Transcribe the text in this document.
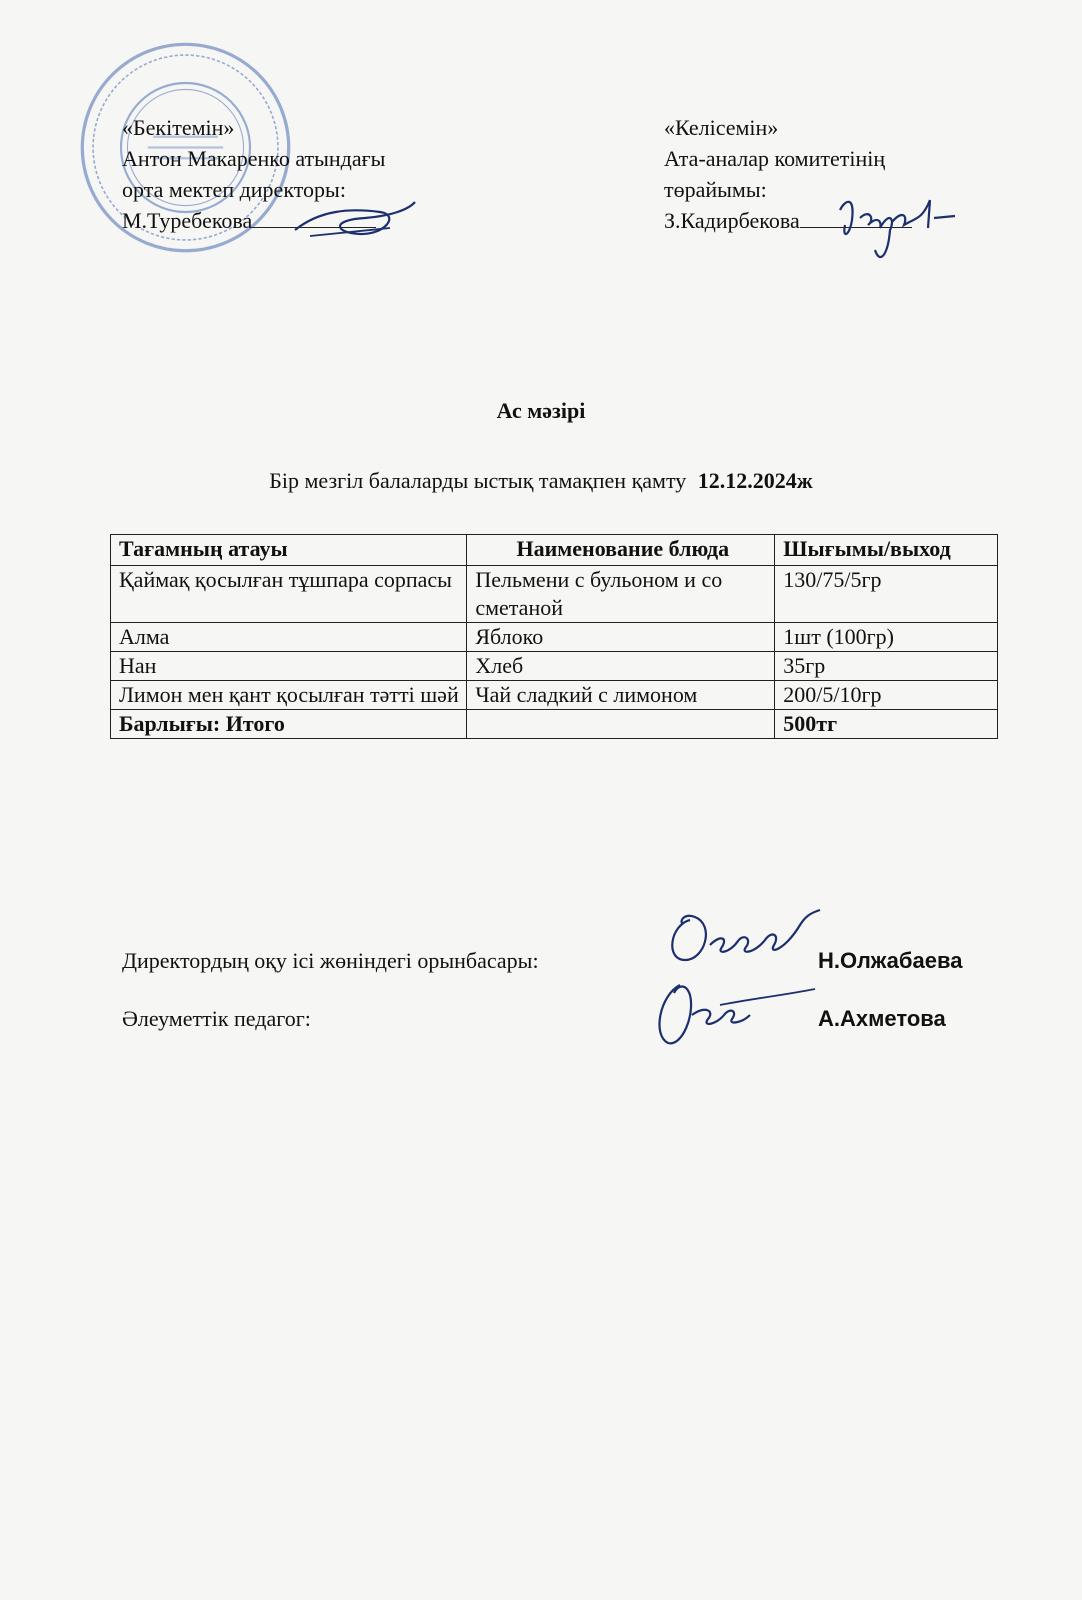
«Бекітемін»
Антон Макаренко атындағы
орта мектеп директоры:
М.Туребекова
«Келісемін»
Ата-аналар комитетінің
төрайымы:
З.Кадирбекова
Ас мәзірі
Бір мезгіл балаларды ыстық тамақпен қамту 12.12.2024ж
Тағамның атауы	Наименование блюда	Шығымы/выход
Қаймақ қосылған тұшпара сорпасы	Пельмени с бульоном и со сметаной	130/75/5гр
Алма	Яблоко	1шт (100гр)
Нан	Хлеб	35гр
Лимон мен қант қосылған тәтті шәй	Чай сладкий с лимоном	200/5/10гр
Барлығы: Итого		500тг
Директордың оқу ісі жөніндегі орынбасары:	Н.Олжабаева
Әлеуметтік педагог:	А.Ахметова
